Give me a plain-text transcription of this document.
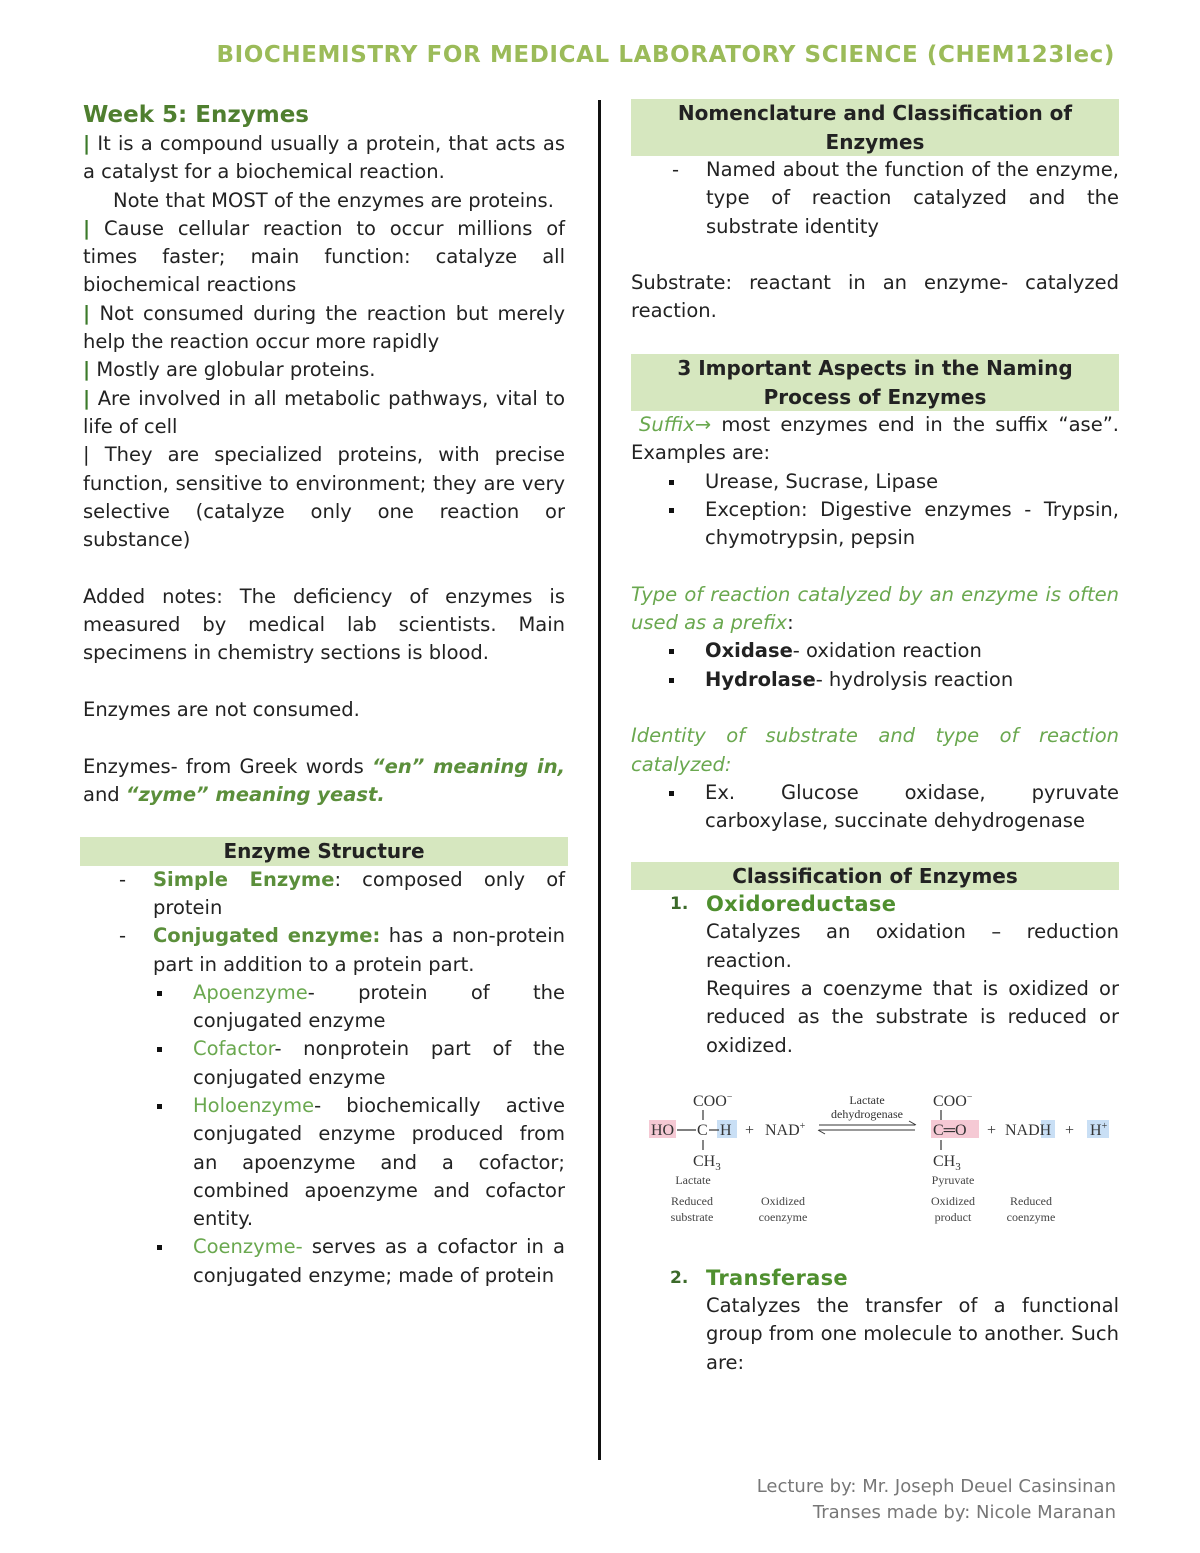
BIOCHEMISTRY FOR MEDICAL LABORATORY SCIENCE (CHEM123lec)

Week 5: Enzymes

| It is a compound usually a protein, that acts as a catalyst for a biochemical reaction.

Note that MOST of the enzymes are proteins.

| Cause cellular reaction to occur millions of times faster; main function: catalyze all biochemical reactions

| Not consumed during the reaction but merely help the reaction occur more rapidly

| Mostly are globular proteins.

| Are involved in all metabolic pathways, vital to life of cell

| They are specialized proteins, with precise function, sensitive to environment; they are very selective (catalyze only one reaction or substance)

Added notes: The deficiency of enzymes is measured by medical lab scientists. Main specimens in chemistry sections is blood.

Enzymes are not consumed.

Enzymes- from Greek words “en” meaning in, and “zyme” meaning yeast.

Enzyme Structure

- Simple Enzyme: composed only of protein
- Conjugated enzyme: has a non-protein part in addition to a protein part.
Apoenzyme- protein of the conjugated enzyme
Cofactor- nonprotein part of the conjugated enzyme
Holoenzyme- biochemically active conjugated enzyme produced from an apoenzyme and a cofactor; combined apoenzyme and cofactor entity.
Coenzyme- serves as a cofactor in a conjugated enzyme; made of protein

Nomenclature and Classification of Enzymes

- Named about the function of the enzyme, type of reaction catalyzed and the substrate identity

Substrate: reactant in an enzyme- catalyzed reaction.

3 Important Aspects in the Naming Process of Enzymes

Suffix→ most enzymes end in the suffix “ase”. Examples are:

Urease, Sucrase, Lipase
Exception: Digestive enzymes - Trypsin, chymotrypsin, pepsin

Type of reaction catalyzed by an enzyme is often used as a prefix:

Oxidase- oxidation reaction
Hydrolase- hydrolysis reaction

Identity of substrate and type of reaction catalyzed:

Ex. Glucose oxidase, pyruvate carboxylase, succinate dehydrogenase

Classification of Enzymes

1. Oxidoreductase
Catalyzes an oxidation – reduction reaction.
Requires a coenzyme that is oxidized or reduced as the substrate is reduced or oxidized.
COO−
HO C H
$CH_3$
+ NAD+
Lactate
dehydrogenase
COO−
C═O
$CH_3$
+ NADH + H+
Lactate	Pyruvate
Reduced
substrate
Oxidized
coenzyme
Oxidized
product
Reduced
coenzyme
2. Transferase
Catalyzes the transfer of a functional group from one molecule to another. Such are:
Lecture by: Mr. Joseph Deuel Casinsinan
Transes made by: Nicole Maranan
